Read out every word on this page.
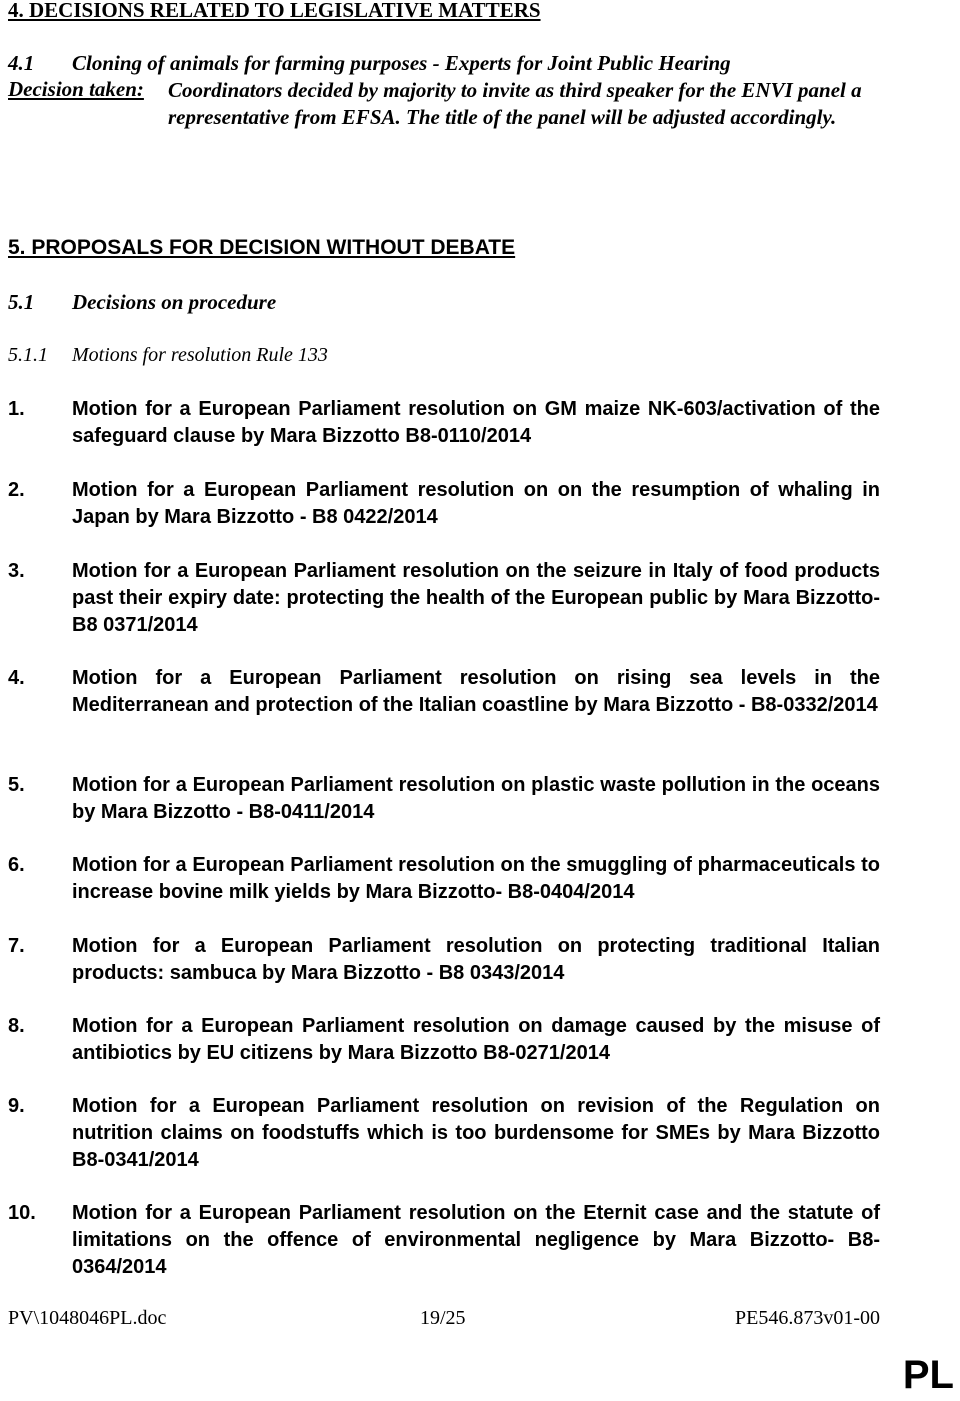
4. DECISIONS RELATED TO LEGISLATIVE MATTERS
4.1 Cloning of animals for farming purposes - Experts for Joint Public Hearing
Decision taken: Coordinators decided by majority to invite as third speaker for the ENVI panel a representative from EFSA. The title of the panel will be adjusted accordingly.
5. PROPOSALS FOR DECISION WITHOUT DEBATE
5.1 Decisions on procedure
5.1.1 Motions for resolution Rule 133
1. Motion for a European Parliament resolution on GM maize NK-603/activation of the safeguard clause by Mara Bizzotto B8-0110/2014
2. Motion for a European Parliament resolution on on the resumption of whaling in Japan by Mara Bizzotto - B8 0422/2014
3. Motion for a European Parliament resolution on the seizure in Italy of food products past their expiry date: protecting the health of the European public by Mara Bizzotto- B8 0371/2014
4. Motion for a European Parliament resolution on rising sea levels in the Mediterranean and protection of the Italian coastline by Mara Bizzotto - B8-0332/2014
5. Motion for a European Parliament resolution on plastic waste pollution in the oceans by Mara Bizzotto - B8-0411/2014
6. Motion for a European Parliament resolution on the smuggling of pharmaceuticals to increase bovine milk yields by Mara Bizzotto- B8-0404/2014
7. Motion for a European Parliament resolution on protecting traditional Italian products: sambuca by Mara Bizzotto - B8 0343/2014
8. Motion for a European Parliament resolution on damage caused by the misuse of antibiotics by EU citizens by Mara Bizzotto B8-0271/2014
9. Motion for a European Parliament resolution on revision of the Regulation on nutrition claims on foodstuffs which is too burdensome for SMEs by Mara Bizzotto B8-0341/2014
10. Motion for a European Parliament resolution on the Eternit case and the statute of limitations on the offence of environmental negligence by Mara Bizzotto- B8-0364/2014
PV\1048046PL.doc	19/25	PE546.873v01-00
PL
